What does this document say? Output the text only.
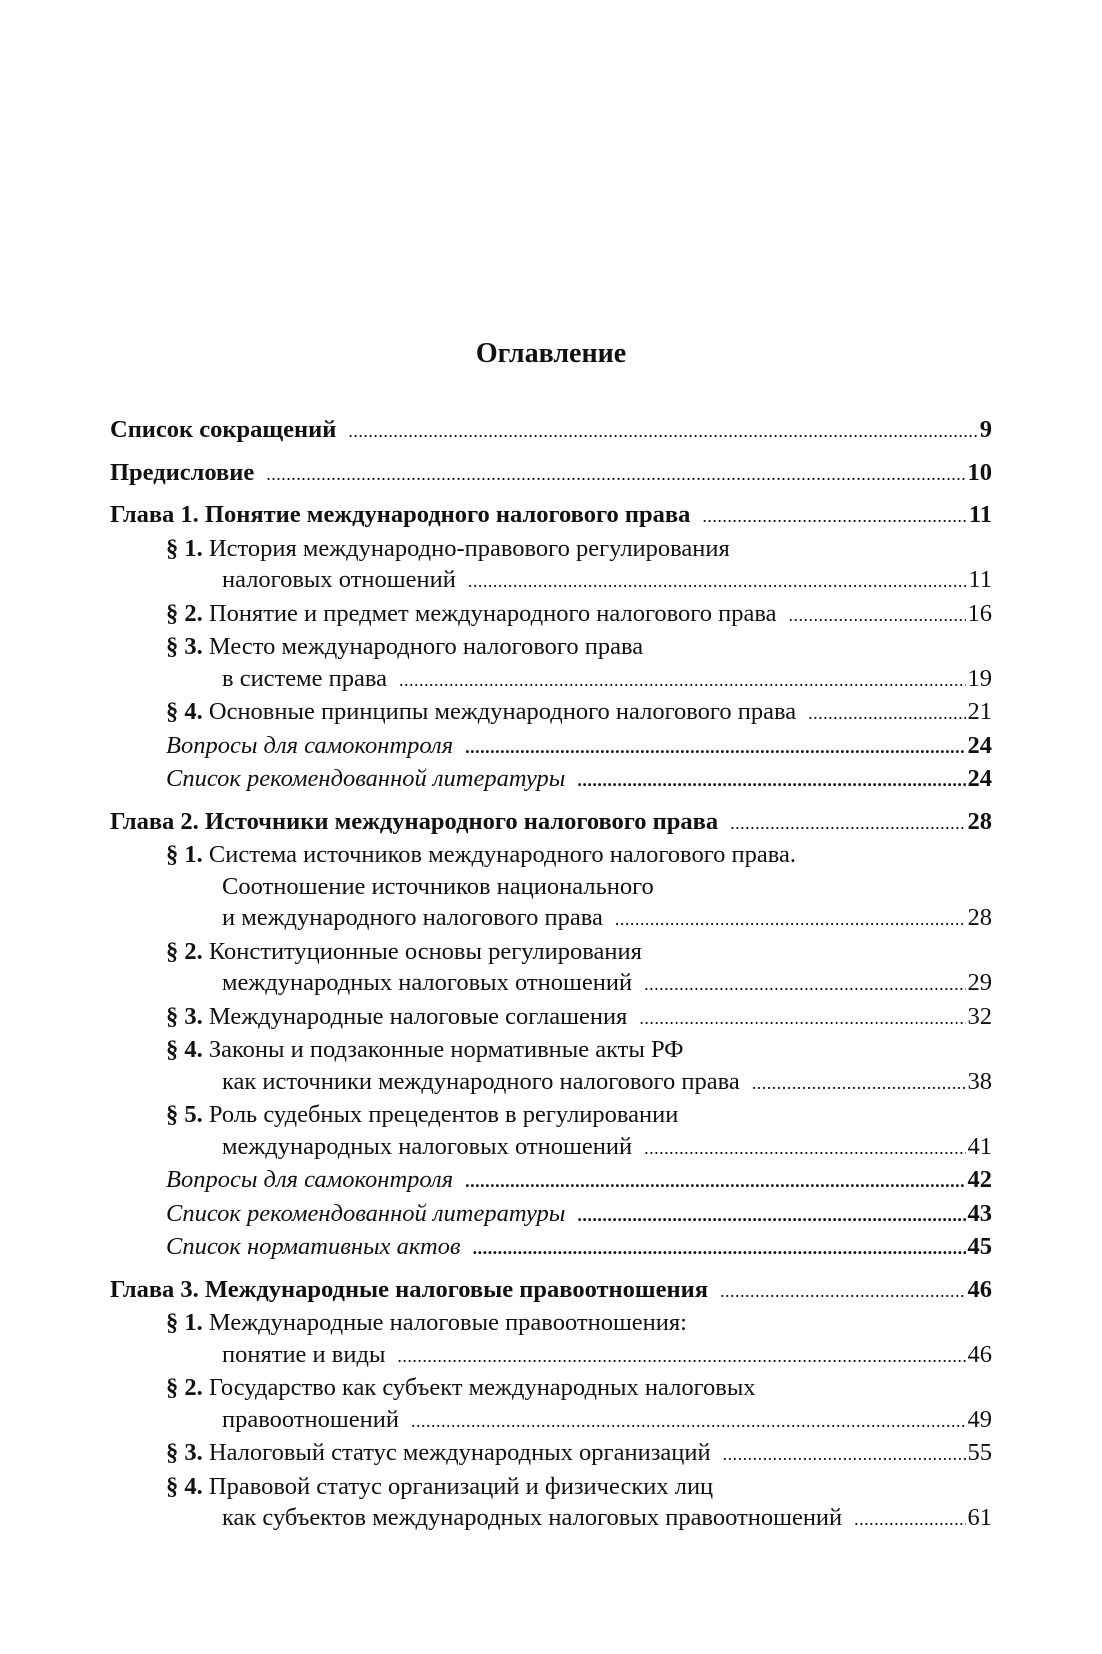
Оглавление
Список сокращений .....	9
Предисловие .....	10
Глава 1. Понятие международного налогового права .....	11
§ 1. История международно-правового регулирования
налоговых отношений .....	11
§ 2. Понятие и предмет международного налогового права .....	16
§ 3. Место международного налогового права
в системе права .....	19
§ 4. Основные принципы международного налогового права .....	21
Вопросы для самоконтроля .....	24
Список рекомендованной литературы .....	24
Глава 2. Источники международного налогового права .....	28
§ 1. Система источников международного налогового права.
Соотношение источников национального
и международного налогового права .....	28
§ 2. Конституционные основы регулирования
международных налоговых отношений .....	29
§ 3. Международные налоговые соглашения .....	32
§ 4. Законы и подзаконные нормативные акты РФ
как источники международного налогового права .....	38
§ 5. Роль судебных прецедентов в регулировании
международных налоговых отношений .....	41
Вопросы для самоконтроля .....	42
Список рекомендованной литературы .....	43
Список нормативных актов .....	45
Глава 3. Международные налоговые правоотношения .....	46
§ 1. Международные налоговые правоотношения:
понятие и виды .....	46
§ 2. Государство как субъект международных налоговых
правоотношений .....	49
§ 3. Налоговый статус международных организаций .....	55
§ 4. Правовой статус организаций и физических лиц
как субъектов международных налоговых правоотношений .....	61
